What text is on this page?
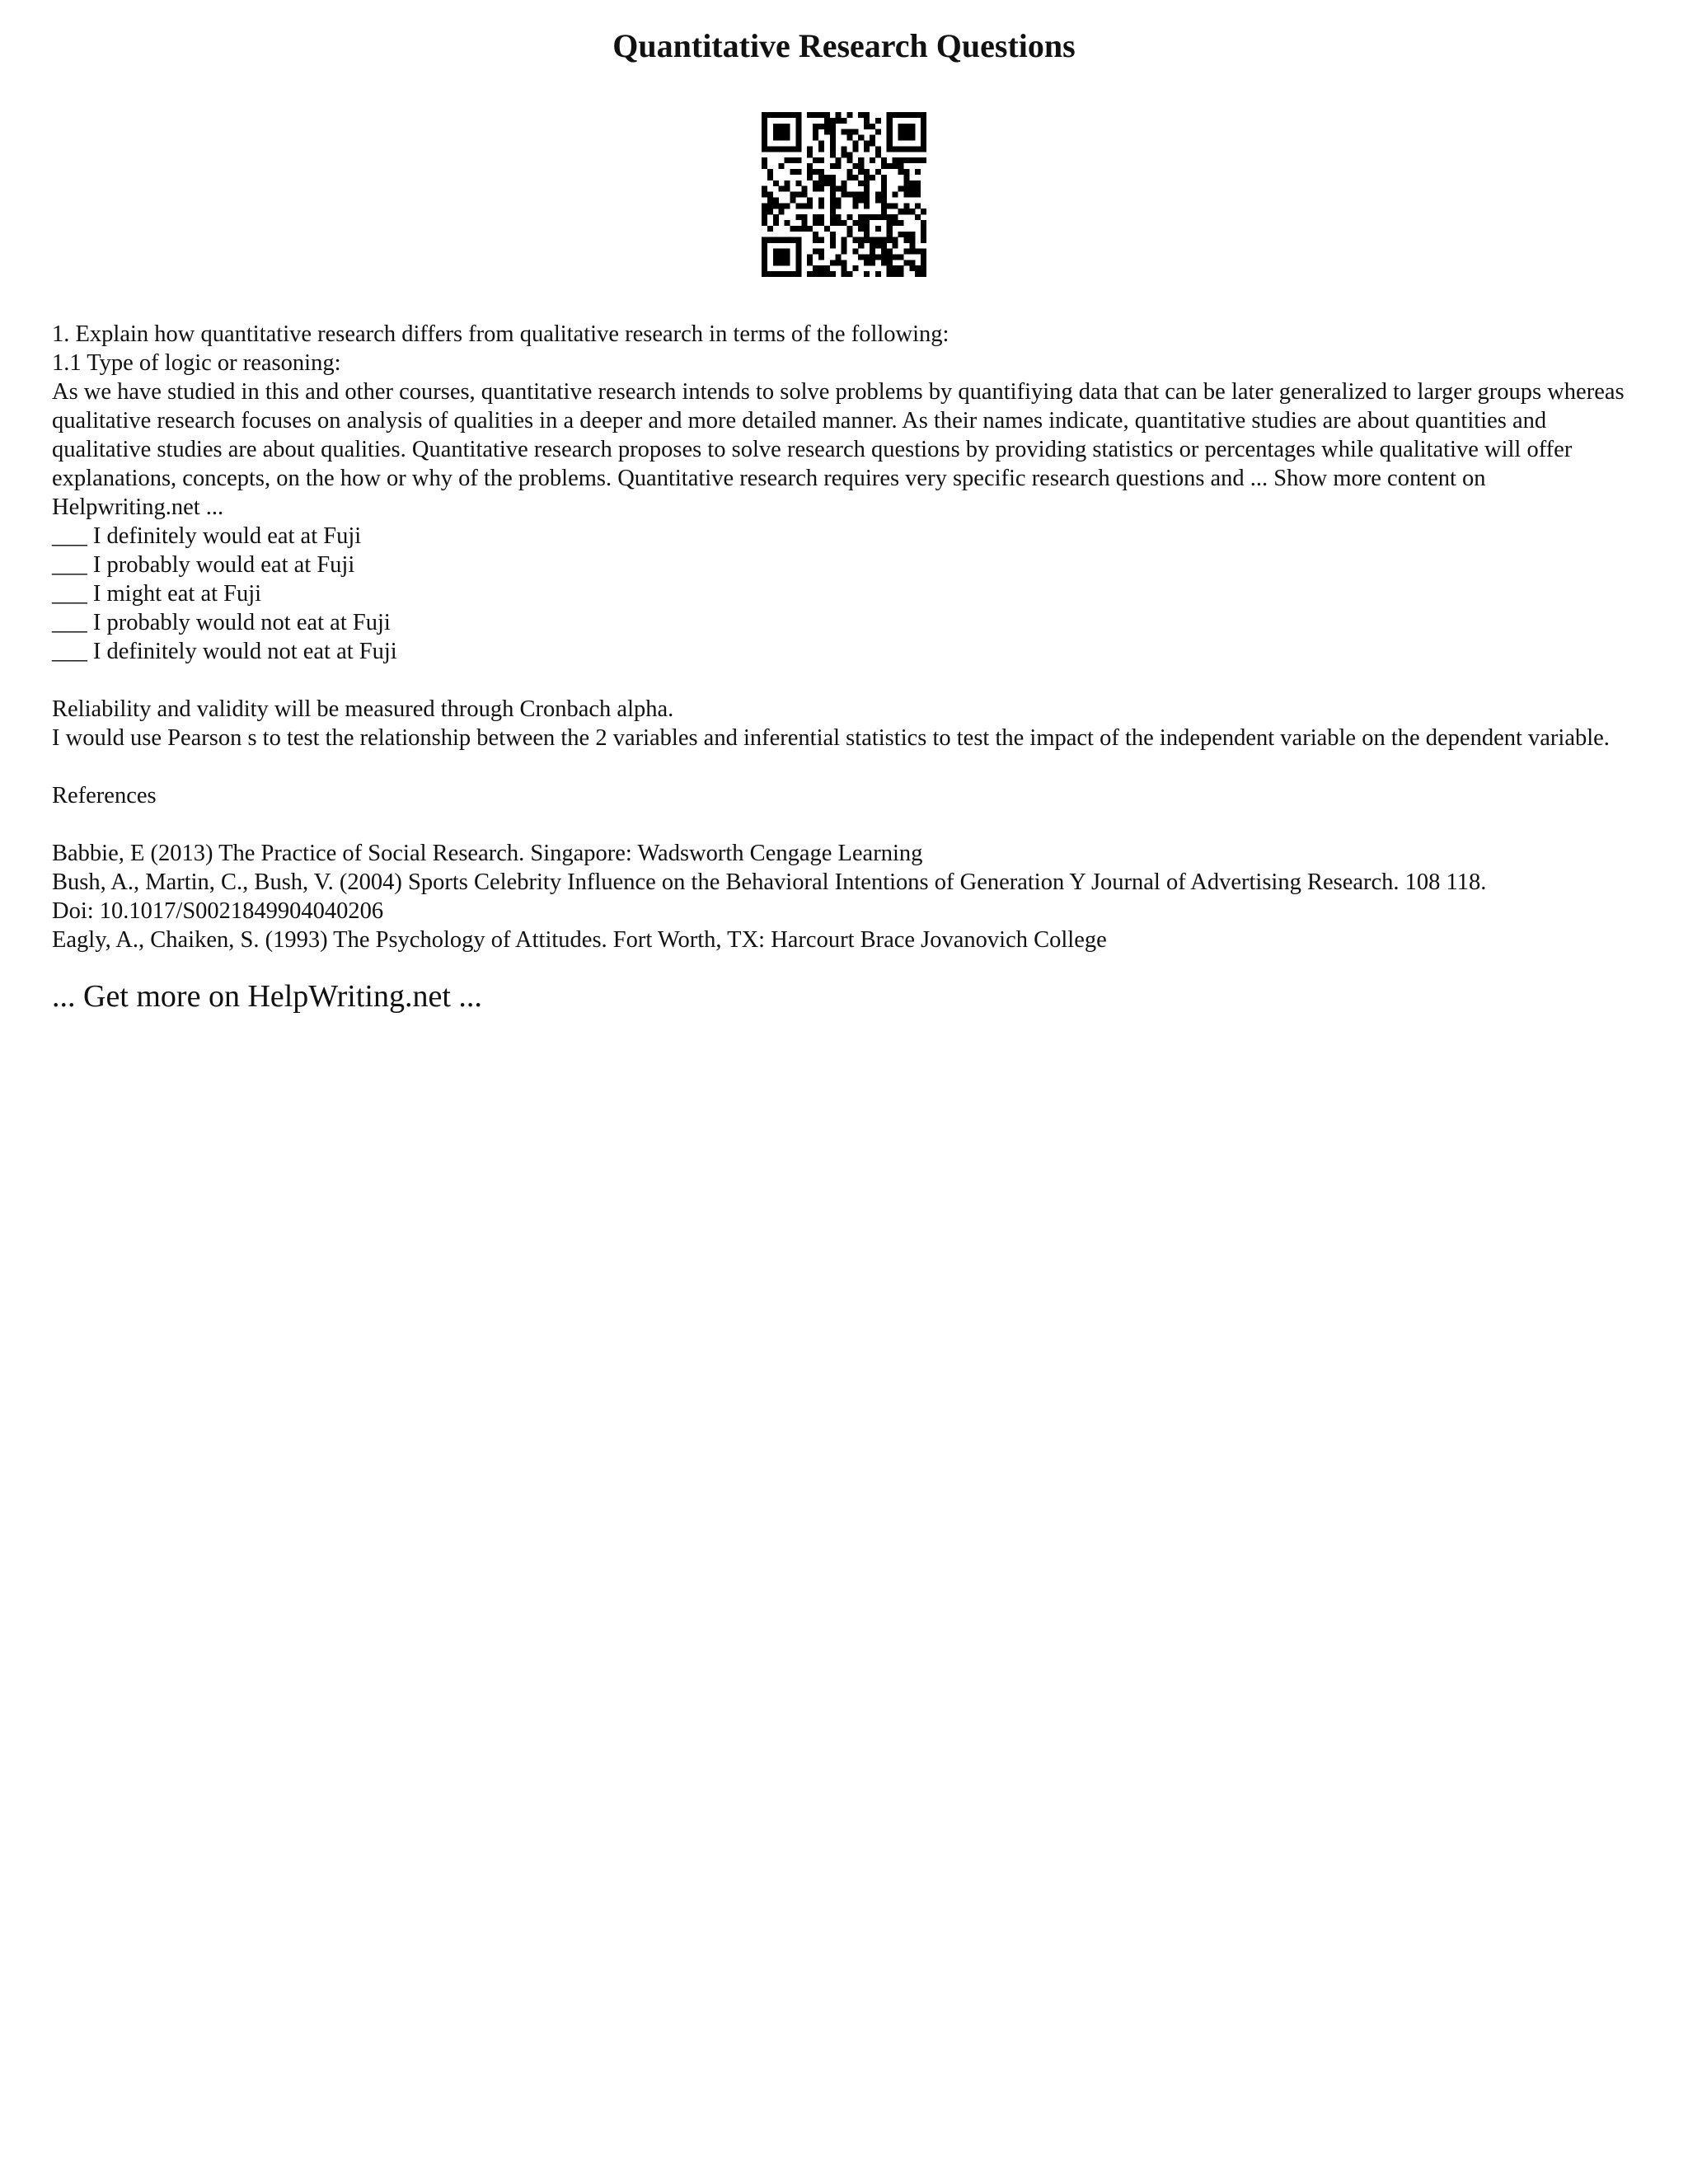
Quantitative Research Questions
1. Explain how quantitative research differs from qualitative research in terms of the following:
1.1 Type of logic or reasoning:
As we have studied in this and other courses, quantitative research intends to solve problems by quantifiying data that can be later generalized to larger groups whereas qualitative research focuses on analysis of qualities in a deeper and more detailed manner. As their names indicate, quantitative studies are about quantities and qualitative studies are about qualities. Quantitative research proposes to solve research questions by providing statistics or percentages while qualitative will offer explanations, concepts, on the how or why of the problems. Quantitative research requires very specific research questions and ... Show more content on Helpwriting.net ...
___ I definitely would eat at Fuji
___ I probably would eat at Fuji
___ I might eat at Fuji
___ I probably would not eat at Fuji
___ I definitely would not eat at Fuji
Reliability and validity will be measured through Cronbach alpha.
I would use Pearson s to test the relationship between the 2 variables and inferential statistics to test the impact of the independent variable on the dependent variable.
References
Babbie, E (2013) The Practice of Social Research. Singapore: Wadsworth Cengage Learning
Bush, A., Martin, C., Bush, V. (2004) Sports Celebrity Influence on the Behavioral Intentions of Generation Y Journal of Advertising Research. 108 118.
Doi: 10.1017/S0021849904040206
Eagly, A., Chaiken, S. (1993) The Psychology of Attitudes. Fort Worth, TX: Harcourt Brace Jovanovich College
... Get more on HelpWriting.net ...
